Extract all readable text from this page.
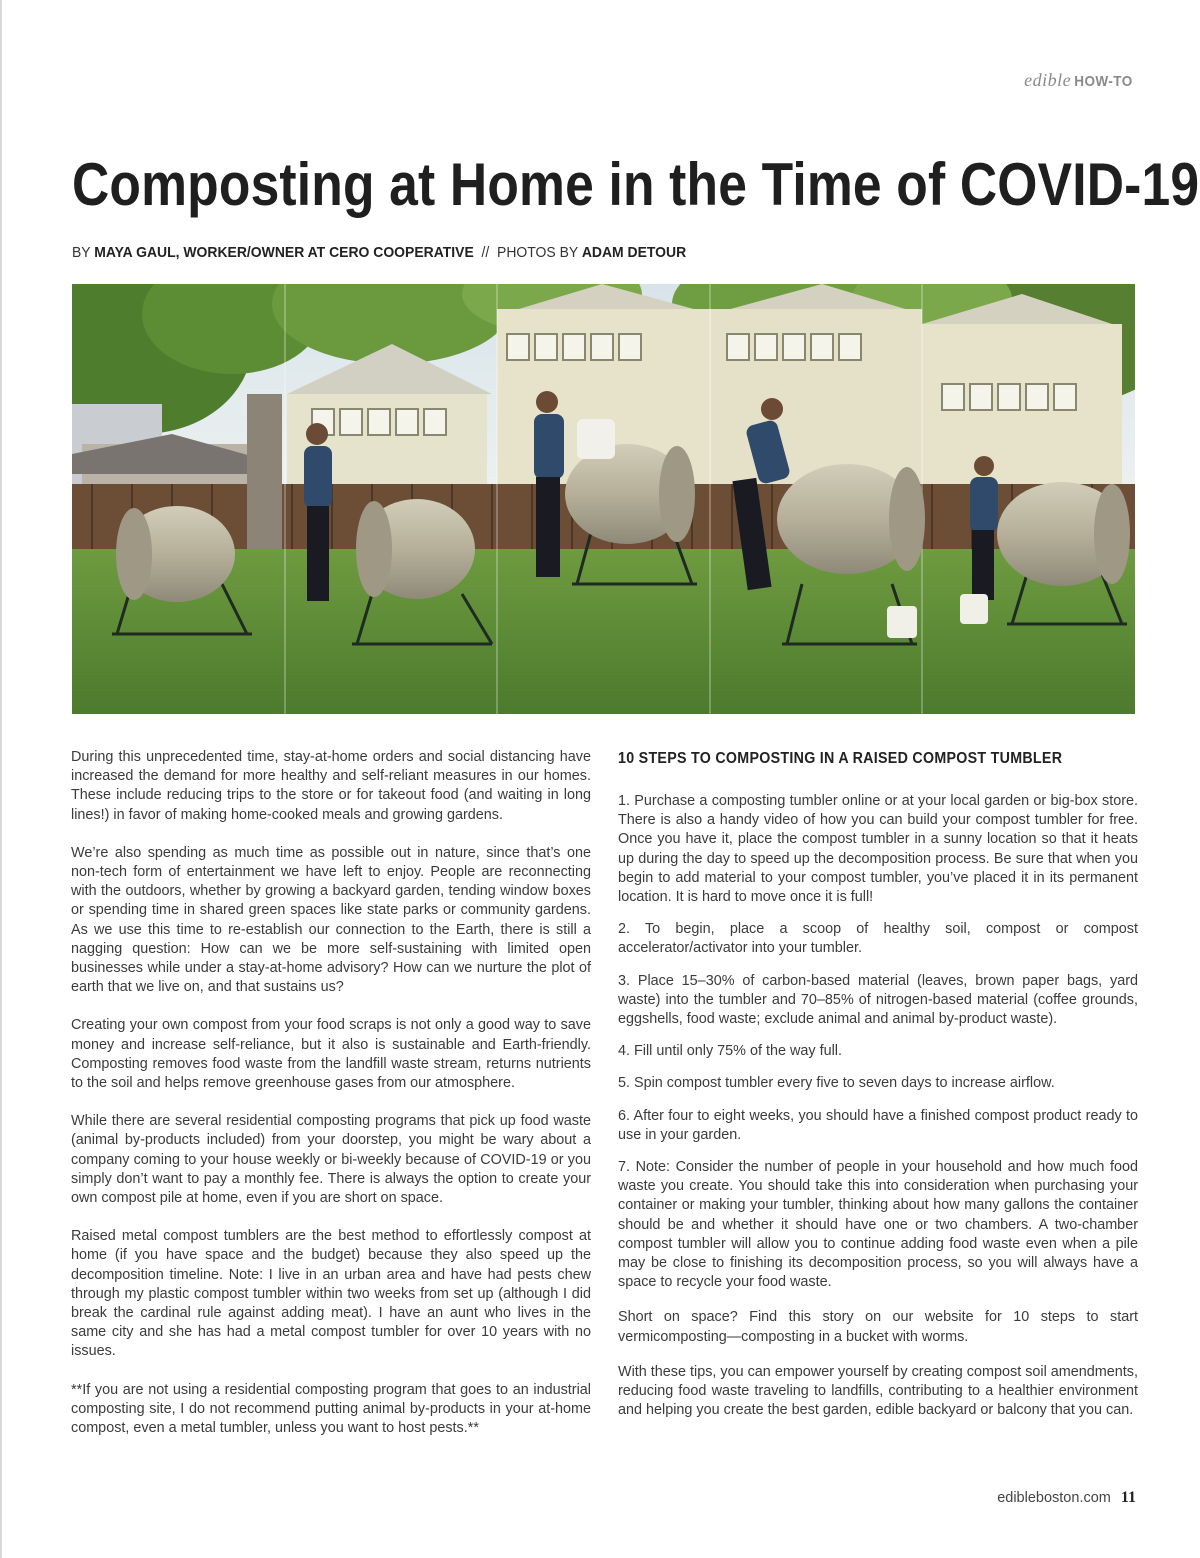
edible HOW-TO
Composting at Home in the Time of COVID-19
BY MAYA GAUL, WORKER/OWNER AT CERO COOPERATIVE // PHOTOS BY ADAM DETOUR

During this unprecedented time, stay-at-home orders and social distancing have increased the demand for more healthy and self-reliant measures in our homes. These include reducing trips to the store or for takeout food (and waiting in long lines!) in favor of making home-cooked meals and growing gardens.

We’re also spending as much time as possible out in nature, since that’s one non-tech form of entertainment we have left to enjoy. People are reconnecting with the outdoors, whether by growing a backyard garden, tending window boxes or spending time in shared green spaces like state parks or community gardens. As we use this time to re-establish our connection to the Earth, there is still a nagging question: How can we be more self-sustaining with limited open businesses while under a stay-at-home advisory? How can we nurture the plot of earth that we live on, and that sustains us?

Creating your own compost from your food scraps is not only a good way to save money and increase self-reliance, but it also is sustainable and Earth-friendly. Composting removes food waste from the landfill waste stream, returns nutrients to the soil and helps remove greenhouse gases from our atmosphere.

While there are several residential composting programs that pick up food waste (animal by-products included) from your doorstep, you might be wary about a company coming to your house weekly or bi-weekly because of COVID-19 or you simply don’t want to pay a monthly fee. There is always the option to create your own compost pile at home, even if you are short on space.

Raised metal compost tumblers are the best method to effortlessly compost at home (if you have space and the budget) because they also speed up the decomposition timeline. Note: I live in an urban area and have had pests chew through my plastic compost tumbler within two weeks from set up (although I did break the cardinal rule against adding meat). I have an aunt who lives in the same city and she has had a metal compost tumbler for over 10 years with no issues.

**If you are not using a residential composting program that goes to an industrial composting site, I do not recommend putting animal by-products in your at-home compost, even a metal tumbler, unless you want to host pests.**

10 STEPS TO COMPOSTING IN A RAISED COMPOST TUMBLER

1. Purchase a composting tumbler online or at your local garden or big-box store. There is also a handy video of how you can build your compost tumbler for free. Once you have it, place the compost tumbler in a sunny location so that it heats up during the day to speed up the decomposition process. Be sure that when you begin to add material to your compost tumbler, you’ve placed it in its permanent location. It is hard to move once it is full!

2. To begin, place a scoop of healthy soil, compost or compost accelerator/activator into your tumbler.

3. Place 15–30% of carbon-based material (leaves, brown paper bags, yard waste) into the tumbler and 70–85% of nitrogen-based material (coffee grounds, eggshells, food waste; exclude animal and animal by-product waste).

4. Fill until only 75% of the way full.

5. Spin compost tumbler every five to seven days to increase airflow.

6. After four to eight weeks, you should have a finished compost product ready to use in your garden.

7. Note: Consider the number of people in your household and how much food waste you create. You should take this into consideration when purchasing your container or making your tumbler, thinking about how many gallons the container should be and whether it should have one or two chambers. A two-chamber compost tumbler will allow you to continue adding food waste even when a pile may be close to finishing its decomposition process, so you will always have a space to recycle your food waste.

Short on space? Find this story on our website for 10 steps to start vermicomposting—composting in a bucket with worms.

With these tips, you can empower yourself by creating compost soil amendments, reducing food waste traveling to landfills, contributing to a healthier environment and helping you create the best garden, edible backyard or balcony that you can.

edibleboston.com 11
